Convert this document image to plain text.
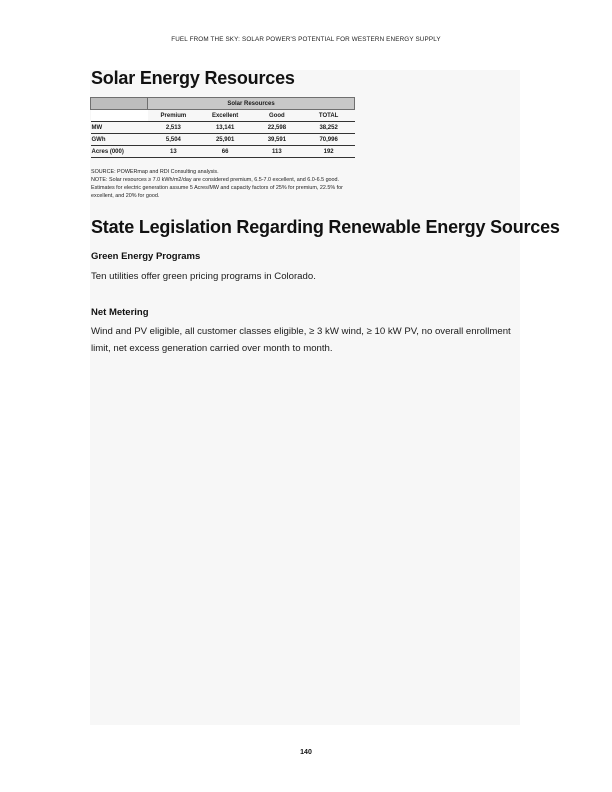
FUEL FROM THE SKY: SOLAR POWER'S POTENTIAL FOR WESTERN ENERGY SUPPLY
Solar Energy Resources
	Solar Resources			
	Premium	Excellent	Good	TOTAL
MW	2,513	13,141	22,598	38,252
GWh	5,504	25,901	39,591	70,996
Acres (000)	13	66	113	192
SOURCE: POWERmap and RDI Consulting analysis.
NOTE: Solar resources ≥ 7.0 kWh/m2/day are considered premium, 6.5-7.0 excellent, and 6.0-6.5 good. Estimates for electric generation assume 5 Acres/MW and capacity factors of 25% for premium, 22.5% for excellent, and 20% for good.
State Legislation Regarding Renewable Energy Sources
Green Energy Programs

Ten utilities offer green pricing programs in Colorado.

Net Metering

Wind and PV eligible, all customer classes eligible, ≥ 3 kW wind, ≥ 10 kW PV, no overall enrollment limit, net excess generation carried over month to month.

140
